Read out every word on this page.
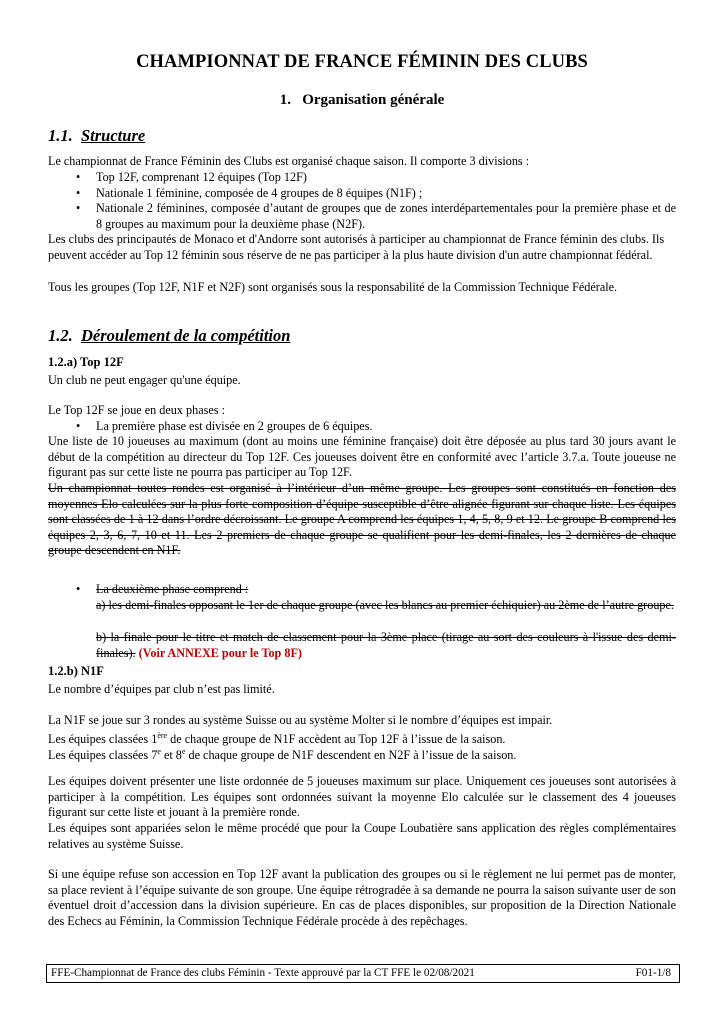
CHAMPIONNAT DE FRANCE FÉMININ DES CLUBS
1. Organisation générale
1.1. Structure
Le championnat de France Féminin des Clubs est organisé chaque saison. Il comporte 3 divisions :
• Top 12F, comprenant 12 équipes (Top 12F)
• Nationale 1 féminine, composée de 4 groupes de 8 équipes (N1F) ;
• Nationale 2 féminines, composée d’autant de groupes que de zones interdépartementales pour la première phase et de 8 groupes au maximum pour la deuxième phase (N2F).
Les clubs des principautés de Monaco et d'Andorre sont autorisés à participer au championnat de France féminin des clubs. Ils peuvent accéder au Top 12 féminin sous réserve de ne pas participer à la plus haute division d'un autre championnat fédéral.
Tous les groupes (Top 12F, N1F et N2F) sont organisés sous la responsabilité de la Commission Technique Fédérale.
1.2. Déroulement de la compétition
1.2.a) Top 12F
Un club ne peut engager qu'une équipe.
Le Top 12F se joue en deux phases :
• La première phase est divisée en 2 groupes de 6 équipes.
Une liste de 10 joueuses au maximum (dont au moins une féminine française) doit être déposée au plus tard 30 jours avant le début de la compétition au directeur du Top 12F. Ces joueuses doivent être en conformité avec l’article 3.7.a. Toute joueuse ne figurant pas sur cette liste ne pourra pas participer au Top 12F.
Un championnat toutes rondes est organisé à l’intérieur d’un même groupe. Les groupes sont constitués en fonction des moyennes Elo calculées sur la plus forte composition d’équipe susceptible d’être alignée figurant sur chaque liste. Les équipes sont classées de 1 à 12 dans l’ordre décroissant. Le groupe A comprend les équipes 1, 4, 5, 8, 9 et 12. Le groupe B comprend les équipes 2, 3, 6, 7, 10 et 11. Les 2 premiers de chaque groupe se qualifient pour les demi-finales, les 2 dernières de chaque groupe descendent en N1F.
• La deuxième phase comprend :
a) les demi-finales opposant le 1er de chaque groupe (avec les blancs au premier échiquier) au 2ème de l’autre groupe.
b) la finale pour le titre et match de classement pour la 3ème place (tirage au sort des couleurs à l'issue des demi-finales). (Voir ANNEXE pour le Top 8F)
1.2.b) N1F
Le nombre d’équipes par club n’est pas limité.
La N1F se joue sur 3 rondes au système Suisse ou au système Molter si le nombre d’équipes est impair.
Les équipes classées 1ère de chaque groupe de N1F accèdent au Top 12F à l’issue de la saison.
Les équipes classées 7e et 8e de chaque groupe de N1F descendent en N2F à l’issue de la saison.
Les équipes doivent présenter une liste ordonnée de 5 joueuses maximum sur place. Uniquement ces joueuses sont autorisées à participer à la compétition. Les équipes sont ordonnées suivant la moyenne Elo calculée sur le classement des 4 joueuses figurant sur cette liste et jouant à la première ronde.
Les équipes sont appariées selon le même procédé que pour la Coupe Loubatière sans application des règles complémentaires relatives au système Suisse.
Si une équipe refuse son accession en Top 12F avant la publication des groupes ou si le règlement ne lui permet pas de monter, sa place revient à l’équipe suivante de son groupe. Une équipe rétrogradée à sa demande ne pourra la saison suivante user de son éventuel droit d’accession dans la division supérieure. En cas de places disponibles, sur proposition de la Direction Nationale des Echecs au Féminin, la Commission Technique Fédérale procède à des repêchages.
FFE-Championnat de France des clubs Féminin - Texte approuvé par la CT FFE le 02/08/2021	F01-1/8
